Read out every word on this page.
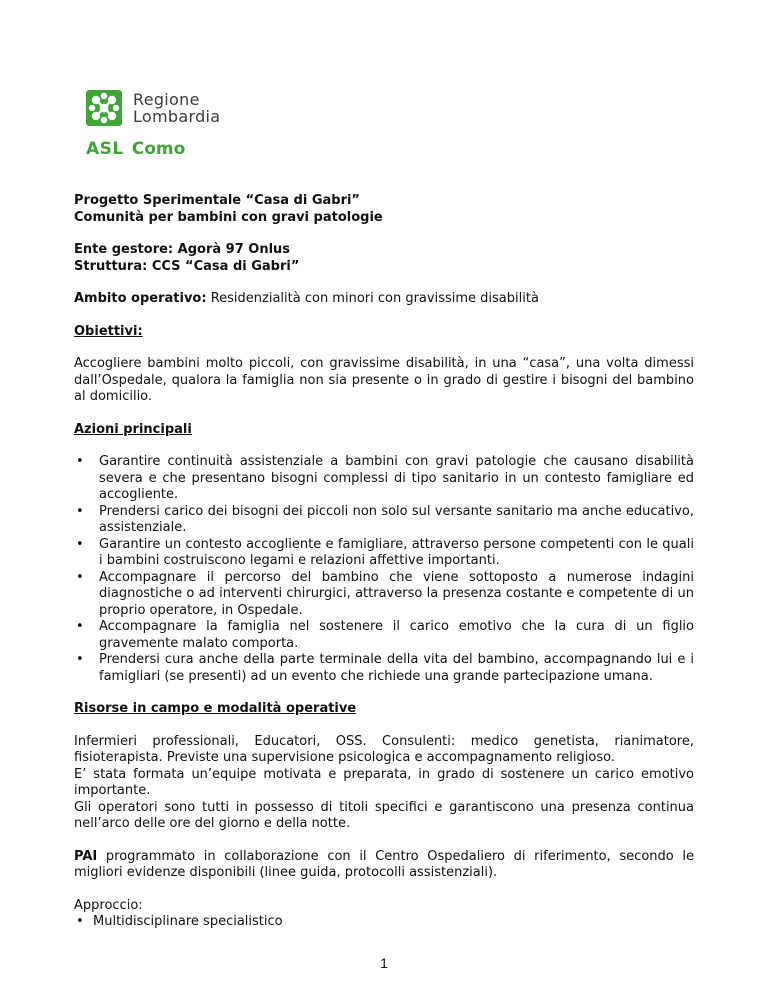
Regione
Lombardia
ASL Como

Progetto Sperimentale “Casa di Gabri”
Comunità per bambini con gravi patologie

Ente gestore: Agorà 97 Onlus
Struttura: CCS “Casa di Gabri”

Ambito operativo: Residenzialità con minori con gravissime disabilità

Obiettivi:

Accogliere bambini molto piccoli, con gravissime disabilità, in una “casa”, una volta dimessi dall’Ospedale, qualora la famiglia non sia presente o in grado di gestire i bisogni del bambino al domicilio.

Azioni principali

• Garantire continuità assistenziale a bambini con gravi patologie che causano disabilità severa e che presentano bisogni complessi di tipo sanitario in un contesto famigliare ed accogliente.
• Prendersi carico dei bisogni dei piccoli non solo sul versante sanitario ma anche educativo, assistenziale.
• Garantire un contesto accogliente e famigliare, attraverso persone competenti con le quali i bambini costruiscono legami e relazioni affettive importanti.
• Accompagnare il percorso del bambino che viene sottoposto a numerose indagini diagnostiche o ad interventi chirurgici, attraverso la presenza costante e competente di un proprio operatore, in Ospedale.
• Accompagnare la famiglia nel sostenere il carico emotivo che la cura di un figlio gravemente malato comporta.
• Prendersi cura anche della parte terminale della vita del bambino, accompagnando lui e i famigliari (se presenti) ad un evento che richiede una grande partecipazione umana.

Risorse in campo e modalità operative

Infermieri professionali, Educatori, OSS. Consulenti: medico genetista, rianimatore, fisioterapista. Previste una supervisione psicologica e accompagnamento religioso.
E’ stata formata un’equipe motivata e preparata, in grado di sostenere un carico emotivo importante.
Gli operatori sono tutti in possesso di titoli specifici e garantiscono una presenza continua nell’arco delle ore del giorno e della notte.

PAI programmato in collaborazione con il Centro Ospedaliero di riferimento, secondo le migliori evidenze disponibili (linee guida, protocolli assistenziali).

Approccio:
• Multidisciplinare specialistico
1
